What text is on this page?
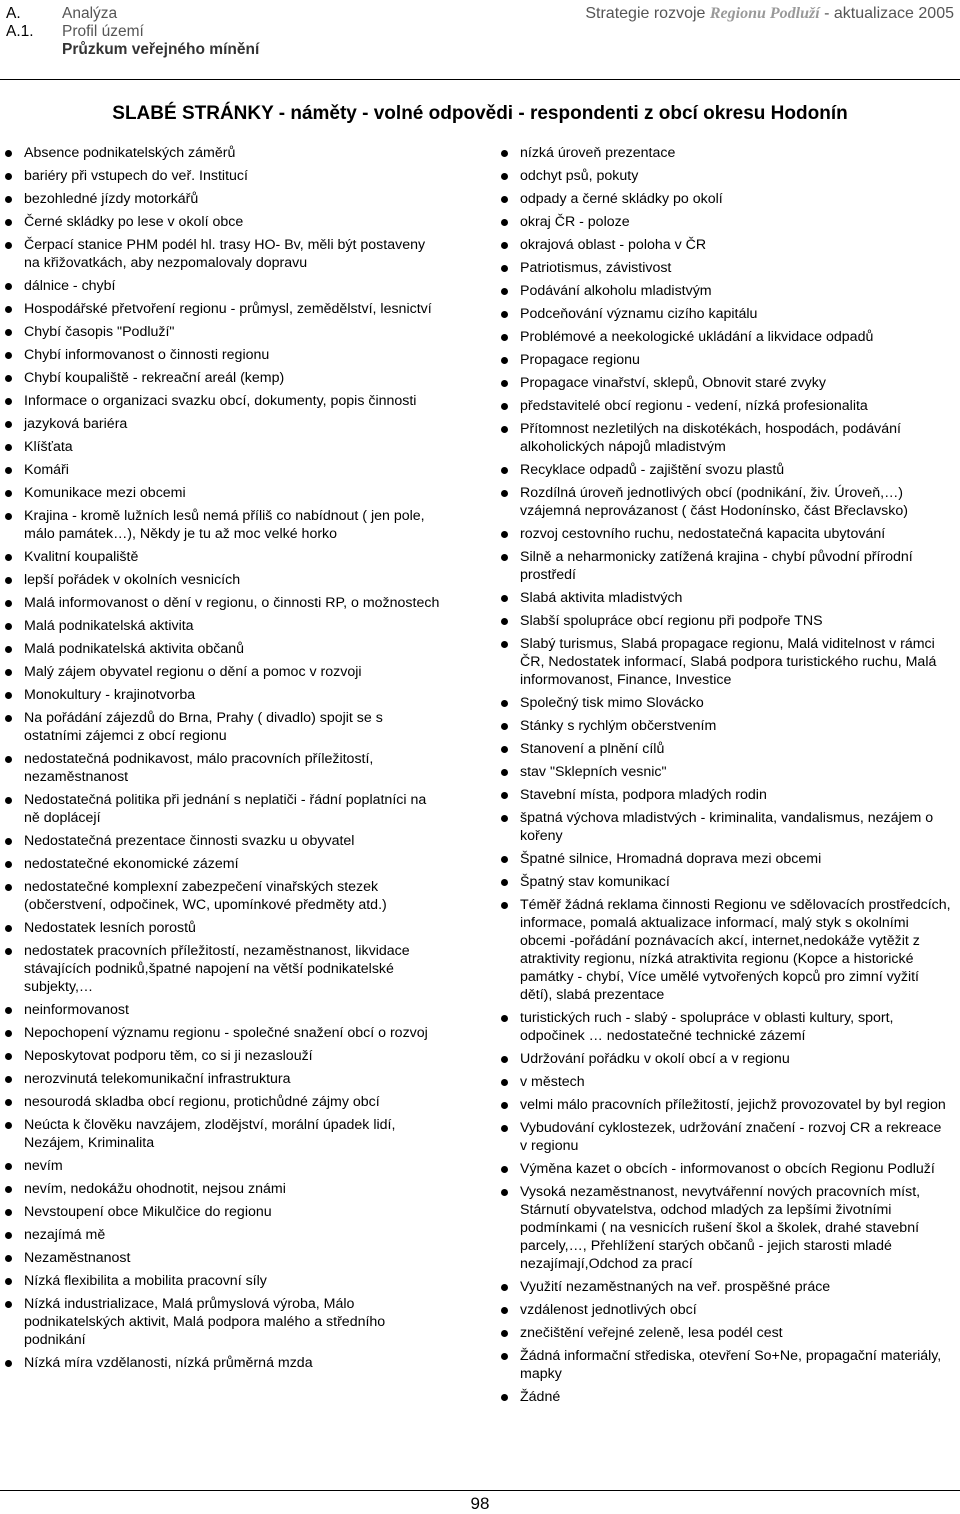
A.	Analýza
A.1. Profil území
Průzkum veřejného mínění
Strategie rozvoje Regionu Podluží - aktualizace 2005
SLABÉ STRÁNKY - náměty - volné odpovědi - respondenti z obcí okresu Hodonín
Absence podnikatelských záměrů
bariéry při vstupech do veř. Institucí
bezohledné jízdy motorkářů
Černé skládky po lese v okolí obce
Čerpací stanice PHM podél hl. trasy HO- Bv, měli být postaveny na křižovatkách, aby nezpomalovaly dopravu
dálnice - chybí
Hospodářské přetvoření regionu - průmysl, zemědělství, lesnictví
Chybí časopis "Podluží"
Chybí informovanost o činnosti regionu
Chybí koupaliště - rekreační areál (kemp)
Informace o organizaci svazku obcí, dokumenty, popis činnosti
jazyková bariéra
Klíšťata
Komáři
Komunikace mezi obcemi
Krajina - kromě lužních lesů nemá příliš co nabídnout ( jen pole, málo památek…), Někdy je tu až moc velké horko
Kvalitní koupaliště
lepší pořádek v okolních vesnicích
Malá informovanost o dění v regionu, o činnosti RP, o možnostech
Malá podnikatelská aktivita
Malá podnikatelská aktivita občanů
Malý zájem obyvatel regionu o dění a pomoc v rozvoji
Monokultury - krajinotvorba
Na pořádání zájezdů do Brna, Prahy ( divadlo) spojit se s ostatními zájemci z obcí regionu
nedostatečná podnikavost, málo pracovních příležitostí, nezaměstnanost
Nedostatečná politika při jednání s neplatiči - řádní poplatníci na ně doplácejí
Nedostatečná prezentace činnosti svazku u obyvatel
nedostatečné ekonomické zázemí
nedostatečné komplexní zabezpečení vinařských stezek (občerstvení, odpočinek, WC, upomínkové předměty atd.)
Nedostatek lesních porostů
nedostatek pracovních příležitostí, nezaměstnanost, likvidace stávajících podniků,špatné napojení na větší podnikatelské subjekty,…
neinformovanost
Nepochopení významu regionu - společné snažení obcí o rozvoj
Neposkytovat podporu těm, co si ji nezaslouží
nerozvinutá telekomunikační infrastruktura
nesourodá skladba obcí regionu, protichůdné zájmy obcí
Neúcta k člověku navzájem, zlodějství, morální úpadek lidí, Nezájem, Kriminalita
nevím
nevím, nedokážu ohodnotit, nejsou známi
Nevstoupení obce Mikulčice do regionu
nezajímá mě
Nezaměstnanost
Nízká flexibilita a mobilita pracovní síly
Nízká industrializace, Malá průmyslová výroba, Málo podnikatelských aktivit, Malá podpora malého a středního podnikání
Nízká míra vzdělanosti, nízká průměrná mzda
nízká úroveň prezentace
odchyt psů, pokuty
odpady a černé skládky po okolí
okraj ČR - poloze
okrajová oblast - poloha v ČR
Patriotismus, závistivost
Podávání alkoholu mladistvým
Podceňování významu cizího kapitálu
Problémové a neekologické ukládání a likvidace odpadů
Propagace regionu
Propagace vinařství, sklepů, Obnovit staré zvyky
představitelé obcí regionu - vedení, nízká profesionalita
Přítomnost nezletilých na diskotékách, hospodách, podávání alkoholických nápojů mladistvým
Recyklace odpadů - zajištění svozu plastů
Rozdílná úroveň jednotlivých obcí (podnikání, živ. Úroveň,…) vzájemná neprovázanost ( část Hodonínsko, část Břeclavsko)
rozvoj cestovního ruchu, nedostatečná kapacita ubytování
Silně a neharmonicky zatížená krajina - chybí původní přírodní prostředí
Slabá aktivita mladistvých
Slabší spolupráce obcí regionu při podpoře TNS
Slabý turismus, Slabá propagace regionu, Malá viditelnost v rámci ČR, Nedostatek informací, Slabá podpora turistického ruchu, Malá informovanost, Finance, Investice
Společný tisk mimo Slovácko
Stánky s rychlým občerstvením
Stanovení a plnění cílů
stav "Sklepních vesnic"
Stavební místa, podpora mladých rodin
špatná výchova mladistvých - kriminalita, vandalismus, nezájem o kořeny
Špatné silnice, Hromadná doprava mezi obcemi
Špatný stav komunikací
Téměř žádná reklama činnosti Regionu ve sdělovacích prostředcích, informace, pomalá aktualizace informací, malý styk s okolními obcemi -pořádání poznávacích akcí, internet,nedokáže vytěžit z atraktivity regionu, nízká atraktivita regionu (Kopce a historické památky - chybí, Více umělé vytvořených kopců pro zimní vyžití dětí), slabá prezentace
turistických ruch - slabý - spolupráce v oblasti kultury, sport, odpočinek … nedostatečné technické zázemí
Udržování pořádku v okolí obcí a v regionu
v městech
velmi málo pracovních příležitostí, jejichž provozovatel by byl region
Vybudování cyklostezek, udržování značení - rozvoj CR a rekreace v regionu
Výměna kazet o obcích - informovanost o obcích Regionu Podluží
Vysoká nezaměstnanost, nevytvářenní nových pracovních míst, Stárnutí obyvatelstva, odchod mladých za lepšími životními podmínkami ( na vesnicích rušení škol a školek, drahé stavební parcely,…, Přehlížení starých občanů - jejich starosti mladé nezajímají,Odchod za prací
Využití nezaměstnaných na veř. prospěšné práce
vzdálenost jednotlivých obcí
znečištění veřejné zeleně, lesa podél cest
Žádná informační střediska, otevření So+Ne, propagační materiály, mapky
Žádné
98
